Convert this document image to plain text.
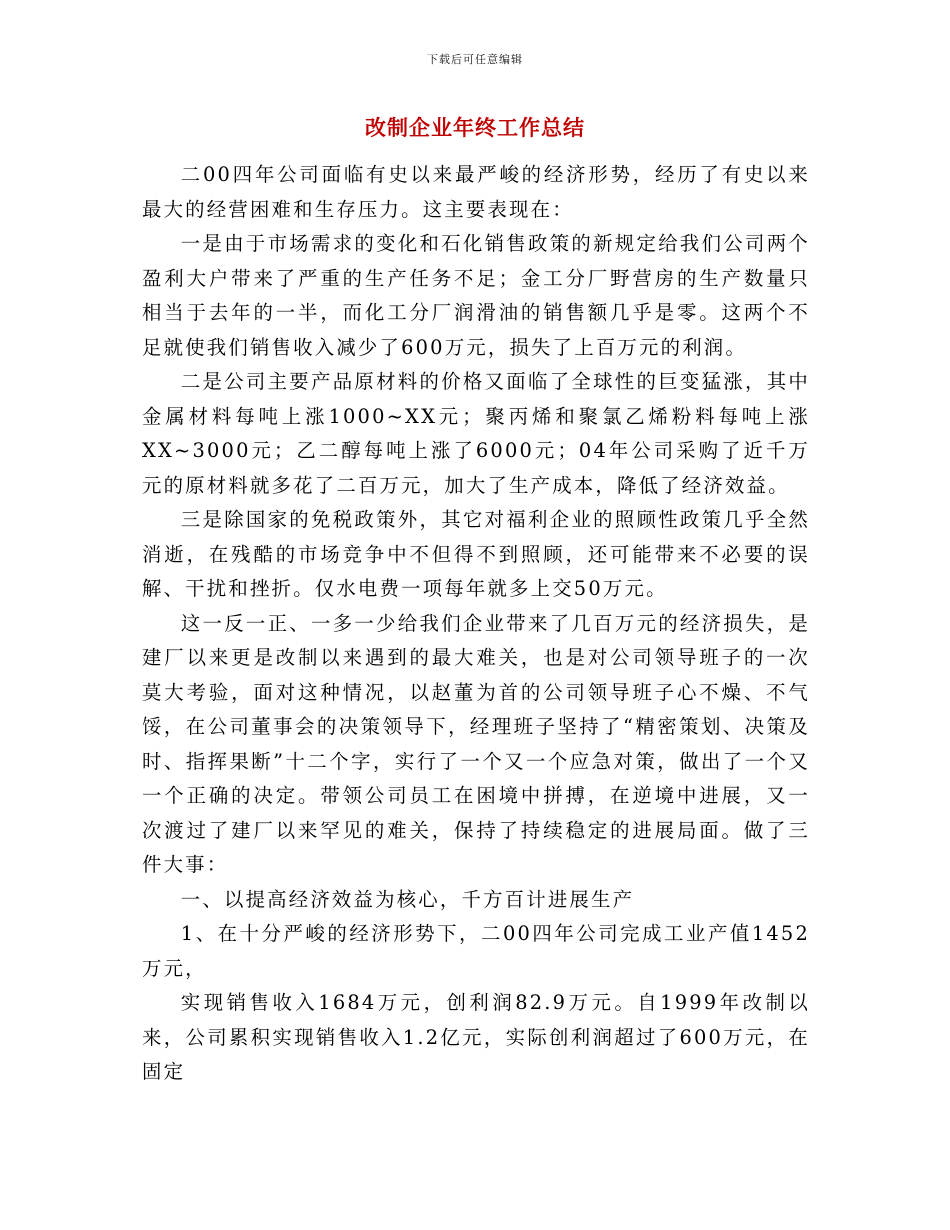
下载后可任意编辑
改制企业年终工作总结

二00四年公司面临有史以来最严峻的经济形势，经历了有史以来最大的经营困难和生存压力。这主要表现在：

一是由于市场需求的变化和石化销售政策的新规定给我们公司两个盈利大户带来了严重的生产任务不足；金工分厂野营房的生产数量只相当于去年的一半，而化工分厂润滑油的销售额几乎是零。这两个不足就使我们销售收入减少了600万元，损失了上百万元的利润。

二是公司主要产品原材料的价格又面临了全球性的巨变猛涨，其中金属材料每吨上涨1000~XX元；聚丙烯和聚氯乙烯粉料每吨上涨XX~3000元；乙二醇每吨上涨了6000元；04年公司采购了近千万元的原材料就多花了二百万元，加大了生产成本，降低了经济效益。

三是除国家的免税政策外，其它对福利企业的照顾性政策几乎全然消逝，在残酷的市场竞争中不但得不到照顾，还可能带来不必要的误解、干扰和挫折。仅水电费一项每年就多上交50万元。

这一反一正、一多一少给我们企业带来了几百万元的经济损失，是建厂以来更是改制以来遇到的最大难关，也是对公司领导班子的一次莫大考验，面对这种情况，以赵董为首的公司领导班子心不燥、不气馁，在公司董事会的决策领导下，经理班子坚持了“精密策划、决策及时、指挥果断”十二个字，实行了一个又一个应急对策，做出了一个又一个正确的决定。带领公司员工在困境中拼搏，在逆境中进展，又一次渡过了建厂以来罕见的难关，保持了持续稳定的进展局面。做了三件大事：

一、以提高经济效益为核心，千方百计进展生产

1、在十分严峻的经济形势下，二00四年公司完成工业产值1452万元，

实现销售收入1684万元，创利润82.9万元。自1999年改制以来，公司累积实现销售收入1.2亿元，实际创利润超过了600万元，在固定
